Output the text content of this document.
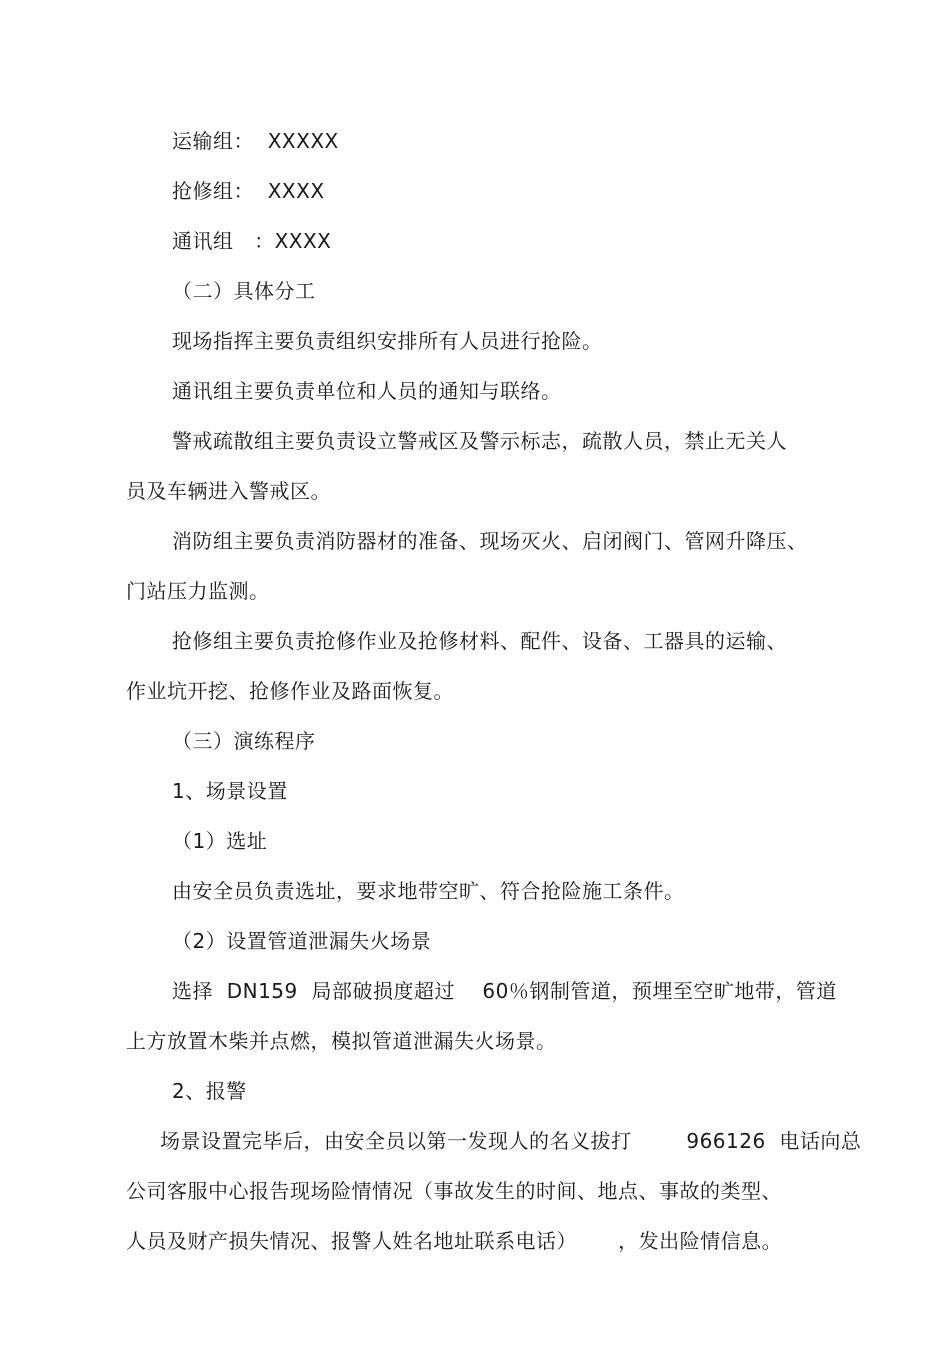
运输组：  XXXXX
抢修组：  XXXX
通讯组   ：XXXX
（二）具体分工
现场指挥主要负责组织安排所有人员进行抢险。
通讯组主要负责单位和人员的通知与联络。
警戒疏散组主要负责设立警戒区及警示标志，疏散人员，禁止无关人
员及车辆进入警戒区。
消防组主要负责消防器材的准备、现场灭火、启闭阀门、管网升降压、
门站压力监测。
抢修组主要负责抢修作业及抢修材料、配件、设备、工器具的运输、
作业坑开挖、抢修作业及路面恢复。
（三）演练程序
1、场景设置
（1）选址
由安全员负责选址，要求地带空旷、符合抢险施工条件。
（2）设置管道泄漏失火场景
选择  DN159  局部破损度超过    60％钢制管道，预埋至空旷地带，管道
上方放置木柴并点燃，模拟管道泄漏失火场景。
2、报警
场景设置完毕后，由安全员以第一发现人的名义拔打        966126  电话向总
公司客服中心报告现场险情情况（事故发生的时间、地点、事故的类型、
人员及财产损失情况、报警人姓名地址联系电话）      ，发出险情信息。
